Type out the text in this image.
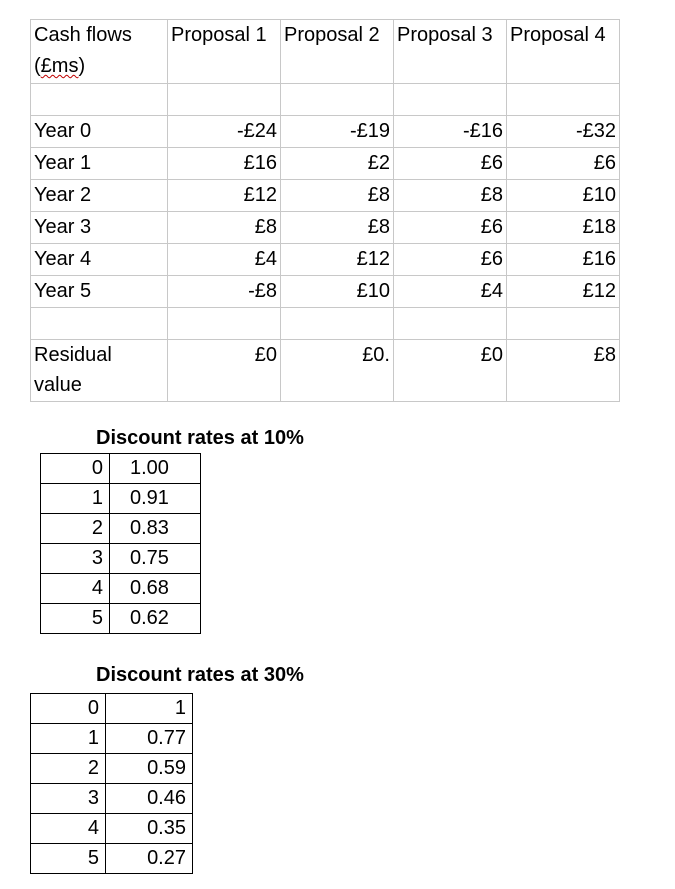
Cash flows
(£ms)	Proposal 1	Proposal 2	Proposal 3	Proposal 4

Year 0	-£24	-£19	-£16	-£32
Year 1	£16	£2	£6	£6
Year 2	£12	£8	£8	£10
Year 3	£8	£8	£6	£18
Year 4	£4	£12	£6	£16
Year 5	-£8	£10	£4	£12

Residual
value	£0	£0.	£0	£8
Discount rates at 10%
0	1.00
1	0.91
2	0.83
3	0.75
4	0.68
5	0.62
Discount rates at 30%
0	1
1	0.77
2	0.59
3	0.46
4	0.35
5	0.27
